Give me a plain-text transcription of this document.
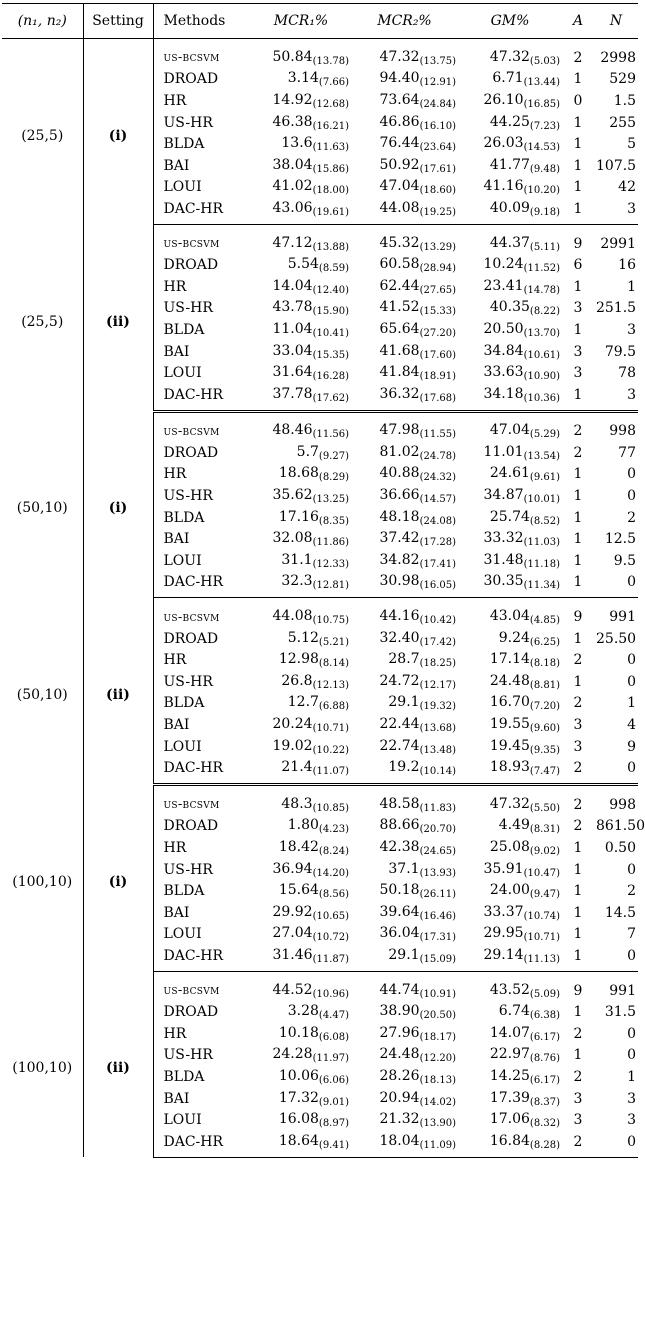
(n₁, n₂)	Setting	Methods	MCR₁%	MCR₂%	GM%	A	N
(25,5)	(i)	us-bcsvm	$50.84_{(13.78)}$	$47.32_{(13.75)}$	$47.32_{(5.03)}$	2	2998
		DROAD	$3.14_{(7.66)}$	$94.40_{(12.91)}$	$6.71_{(13.44)}$	1	529
		HR	$14.92_{(12.68)}$	$73.64_{(24.84)}$	$26.10_{(16.85)}$	0	1.5
		US-HR	$46.38_{(16.21)}$	$46.86_{(16.10)}$	$44.25_{(7.23)}$	1	255
		BLDA	$13.6_{(11.63)}$	$76.44_{(23.64)}$	$26.03_{(14.53)}$	1	5
		BAI	$38.04_{(15.86)}$	$50.92_{(17.61)}$	$41.77_{(9.48)}$	1	107.5
		LOUI	$41.02_{(18.00)}$	$47.04_{(18.60)}$	$41.16_{(10.20)}$	1	42
		DAC-HR	$43.06_{(19.61)}$	$44.08_{(19.25)}$	$40.09_{(9.18)}$	1	3
(25,5)	(ii)	us-bcsvm	$47.12_{(13.88)}$	$45.32_{(13.29)}$	$44.37_{(5.11)}$	9	2991
		DROAD	$5.54_{(8.59)}$	$60.58_{(28.94)}$	$10.24_{(11.52)}$	6	16
		HR	$14.04_{(12.40)}$	$62.44_{(27.65)}$	$23.41_{(14.78)}$	1	1
		US-HR	$43.78_{(15.90)}$	$41.52_{(15.33)}$	$40.35_{(8.22)}$	3	251.5
		BLDA	$11.04_{(10.41)}$	$65.64_{(27.20)}$	$20.50_{(13.70)}$	1	3
		BAI	$33.04_{(15.35)}$	$41.68_{(17.60)}$	$34.84_{(10.61)}$	3	79.5
		LOUI	$31.64_{(16.28)}$	$41.84_{(18.91)}$	$33.63_{(10.90)}$	3	78
		DAC-HR	$37.78_{(17.62)}$	$36.32_{(17.68)}$	$34.18_{(10.36)}$	1	3
(50,10)	(i)	us-bcsvm	$48.46_{(11.56)}$	$47.98_{(11.55)}$	$47.04_{(5.29)}$	2	998
		DROAD	$5.7_{(9.27)}$	$81.02_{(24.78)}$	$11.01_{(13.54)}$	2	77
		HR	$18.68_{(8.29)}$	$40.88_{(24.32)}$	$24.61_{(9.61)}$	1	0
		US-HR	$35.62_{(13.25)}$	$36.66_{(14.57)}$	$34.87_{(10.01)}$	1	0
		BLDA	$17.16_{(8.35)}$	$48.18_{(24.08)}$	$25.74_{(8.52)}$	1	2
		BAI	$32.08_{(11.86)}$	$37.42_{(17.28)}$	$33.32_{(11.03)}$	1	12.5
		LOUI	$31.1_{(12.33)}$	$34.82_{(17.41)}$	$31.48_{(11.18)}$	1	9.5
		DAC-HR	$32.3_{(12.81)}$	$30.98_{(16.05)}$	$30.35_{(11.34)}$	1	0
(50,10)	(ii)	us-bcsvm	$44.08_{(10.75)}$	$44.16_{(10.42)}$	$43.04_{(4.85)}$	9	991
		DROAD	$5.12_{(5.21)}$	$32.40_{(17.42)}$	$9.24_{(6.25)}$	1	25.50
		HR	$12.98_{(8.14)}$	$28.7_{(18.25)}$	$17.14_{(8.18)}$	2	0
		US-HR	$26.8_{(12.13)}$	$24.72_{(12.17)}$	$24.48_{(8.81)}$	1	0
		BLDA	$12.7_{(6.88)}$	$29.1_{(19.32)}$	$16.70_{(7.20)}$	2	1
		BAI	$20.24_{(10.71)}$	$22.44_{(13.68)}$	$19.55_{(9.60)}$	3	4
		LOUI	$19.02_{(10.22)}$	$22.74_{(13.48)}$	$19.45_{(9.35)}$	3	9
		DAC-HR	$21.4_{(11.07)}$	$19.2_{(10.14)}$	$18.93_{(7.47)}$	2	0
(100,10)	(i)	us-bcsvm	$48.3_{(10.85)}$	$48.58_{(11.83)}$	$47.32_{(5.50)}$	2	998
		DROAD	$1.80_{(4.23)}$	$88.66_{(20.70)}$	$4.49_{(8.31)}$	2	861.50
		HR	$18.42_{(8.24)}$	$42.38_{(24.65)}$	$25.08_{(9.02)}$	1	0.50
		US-HR	$36.94_{(14.20)}$	$37.1_{(13.93)}$	$35.91_{(10.47)}$	1	0
		BLDA	$15.64_{(8.56)}$	$50.18_{(26.11)}$	$24.00_{(9.47)}$	1	2
		BAI	$29.92_{(10.65)}$	$39.64_{(16.46)}$	$33.37_{(10.74)}$	1	14.5
		LOUI	$27.04_{(10.72)}$	$36.04_{(17.31)}$	$29.95_{(10.71)}$	1	7
		DAC-HR	$31.46_{(11.87)}$	$29.1_{(15.09)}$	$29.14_{(11.13)}$	1	0
(100,10)	(ii)	us-bcsvm	$44.52_{(10.96)}$	$44.74_{(10.91)}$	$43.52_{(5.09)}$	9	991
		DROAD	$3.28_{(4.47)}$	$38.90_{(20.50)}$	$6.74_{(6.38)}$	1	31.5
		HR	$10.18_{(6.08)}$	$27.96_{(18.17)}$	$14.07_{(6.17)}$	2	0
		US-HR	$24.28_{(11.97)}$	$24.48_{(12.20)}$	$22.97_{(8.76)}$	1	0
		BLDA	$10.06_{(6.06)}$	$28.26_{(18.13)}$	$14.25_{(6.17)}$	2	1
		BAI	$17.32_{(9.01)}$	$20.94_{(14.02)}$	$17.39_{(8.37)}$	3	3
		LOUI	$16.08_{(8.97)}$	$21.32_{(13.90)}$	$17.06_{(8.32)}$	3	3
		DAC-HR	$18.64_{(9.41)}$	$18.04_{(11.09)}$	$16.84_{(8.28)}$	2	0
